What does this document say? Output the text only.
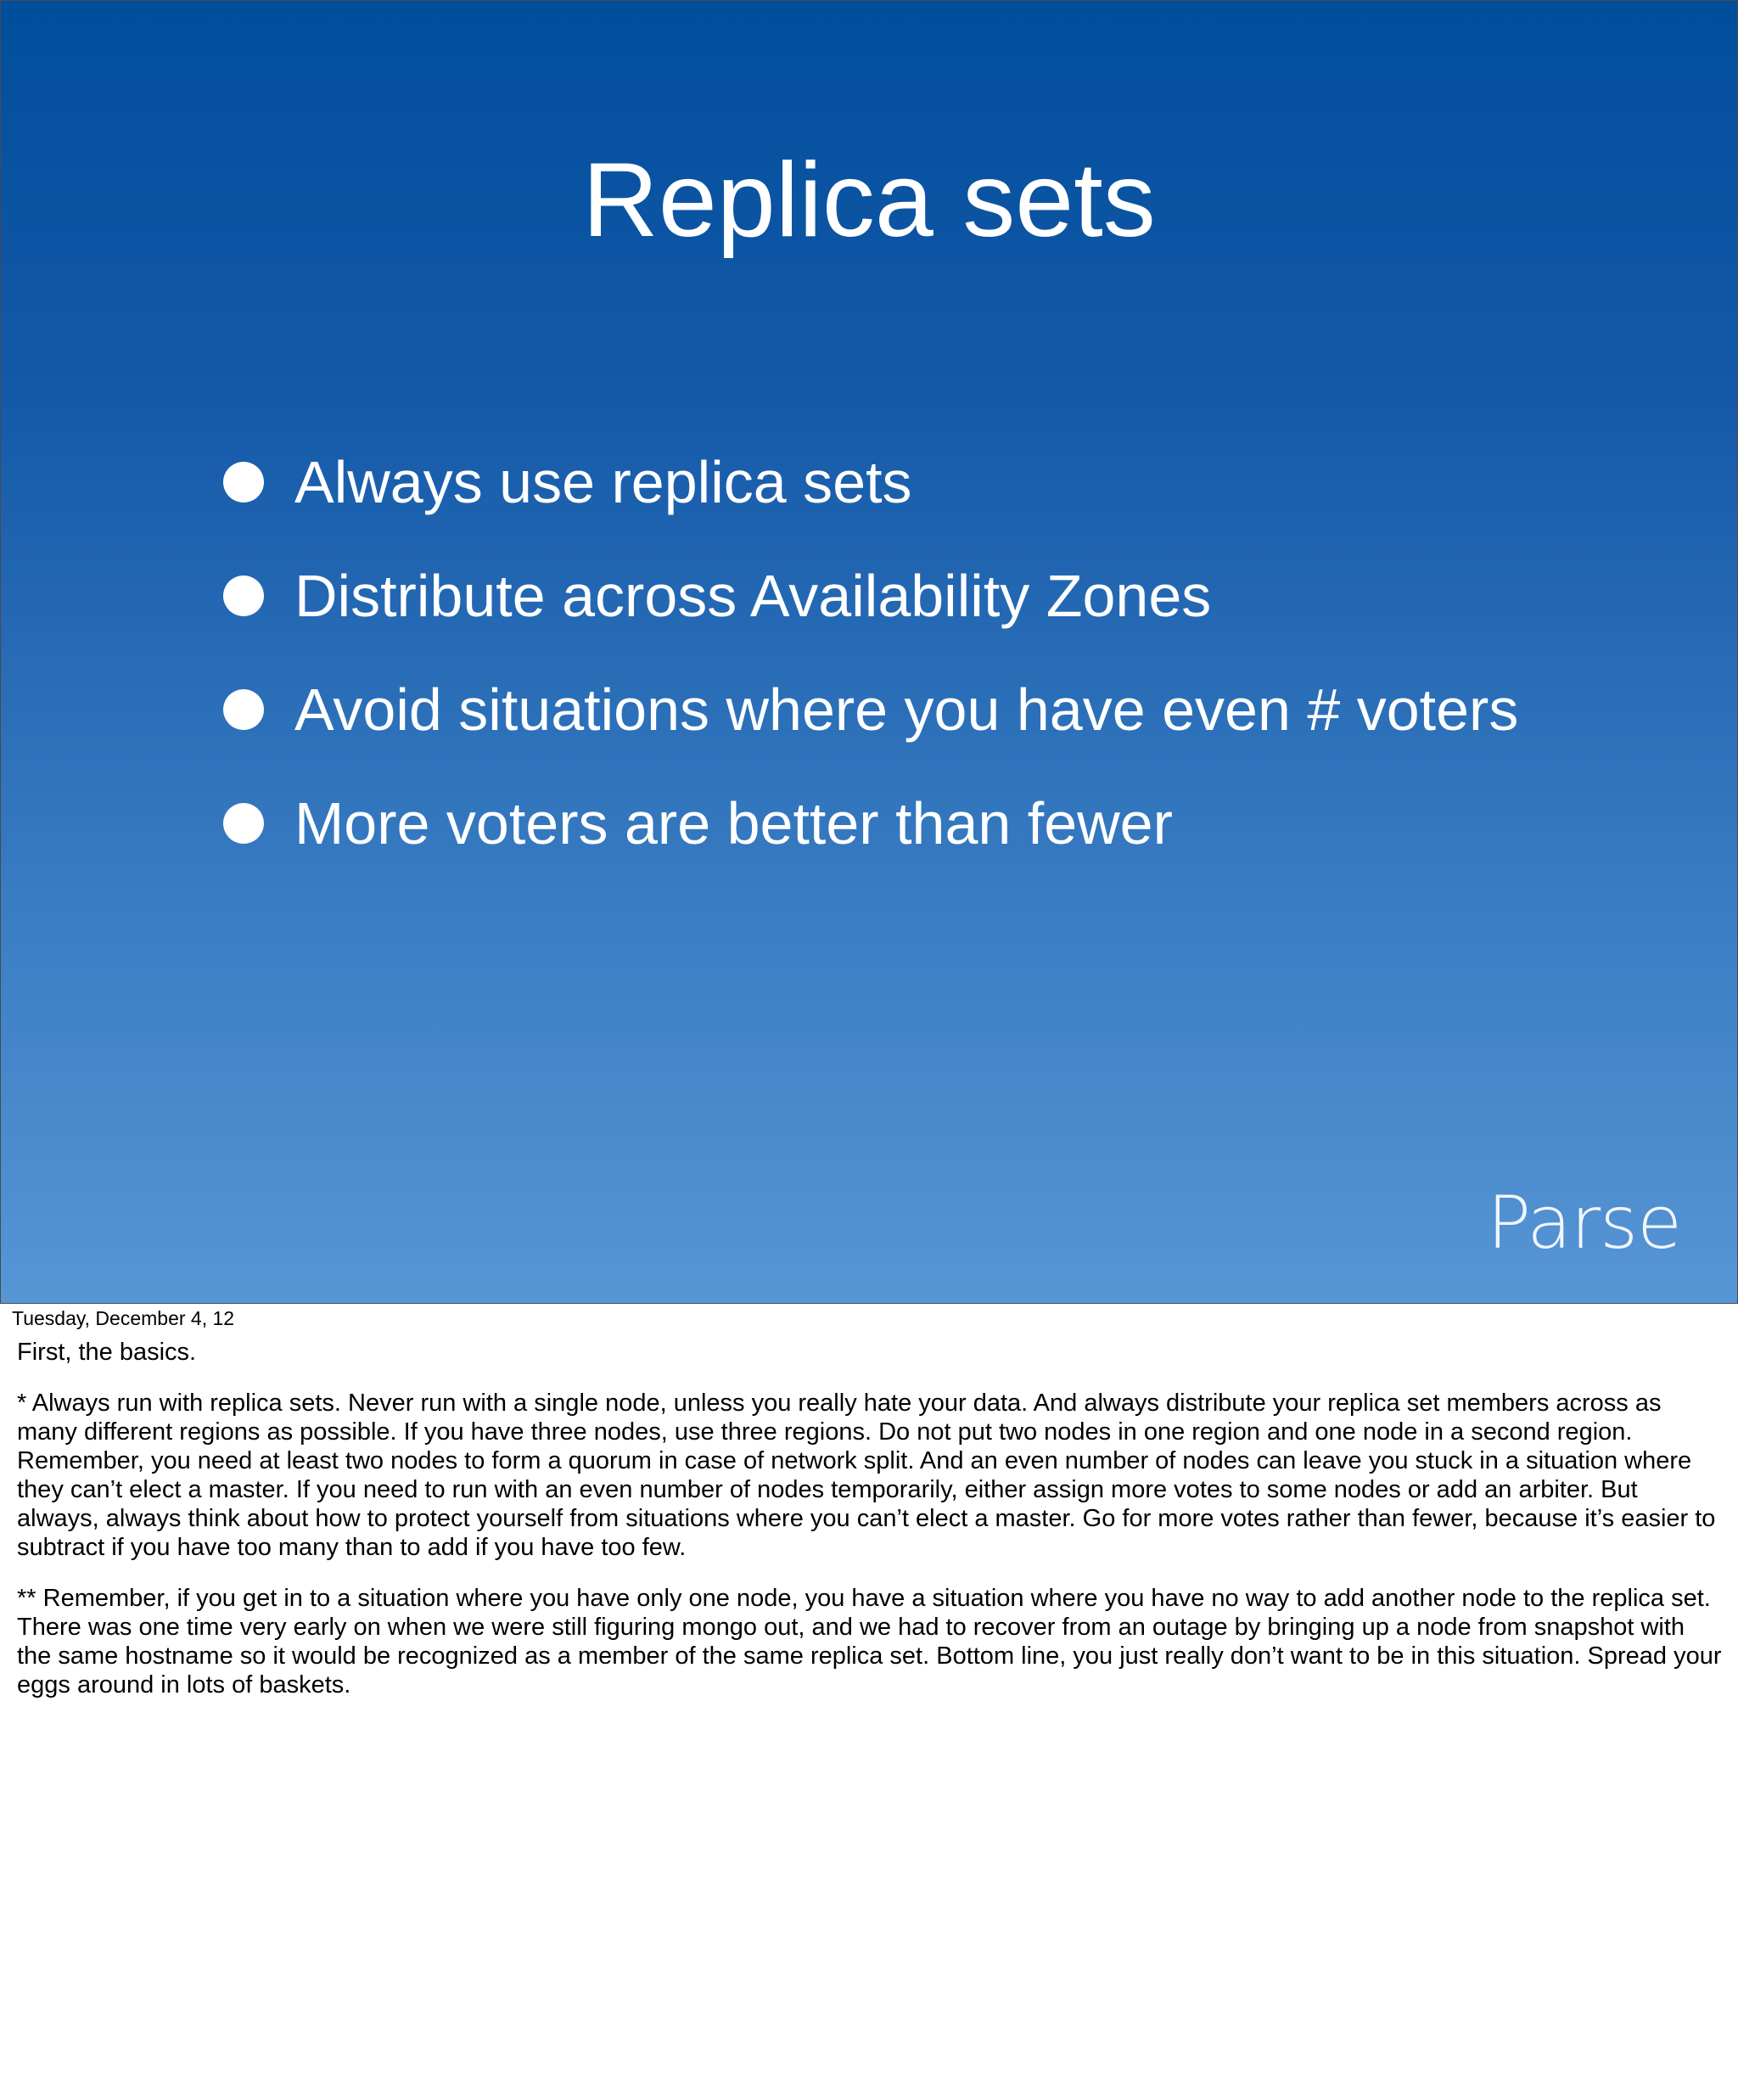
Replica sets
Always use replica sets
Distribute across Availability Zones
Avoid situations where you have even # voters
More voters are better than fewer
Parse
Tuesday, December 4, 12

First, the basics.

* Always run with replica sets. Never run with a single node, unless you really hate your data. And always distribute your replica set members across as many different regions as possible. If you have three nodes, use three regions. Do not put two nodes in one region and one node in a second region. Remember, you need at least two nodes to form a quorum in case of network split. And an even number of nodes can leave you stuck in a situation where they can’t elect a master. If you need to run with an even number of nodes temporarily, either assign more votes to some nodes or add an arbiter. But always, always think about how to protect yourself from situations where you can’t elect a master. Go for more votes rather than fewer, because it’s easier to subtract if you have too many than to add if you have too few.

** Remember, if you get in to a situation where you have only one node, you have a situation where you have no way to add another node to the replica set. There was one time very early on when we were still figuring mongo out, and we had to recover from an outage by bringing up a node from snapshot with the same hostname so it would be recognized as a member of the same replica set. Bottom line, you just really don’t want to be in this situation. Spread your eggs around in lots of baskets.
